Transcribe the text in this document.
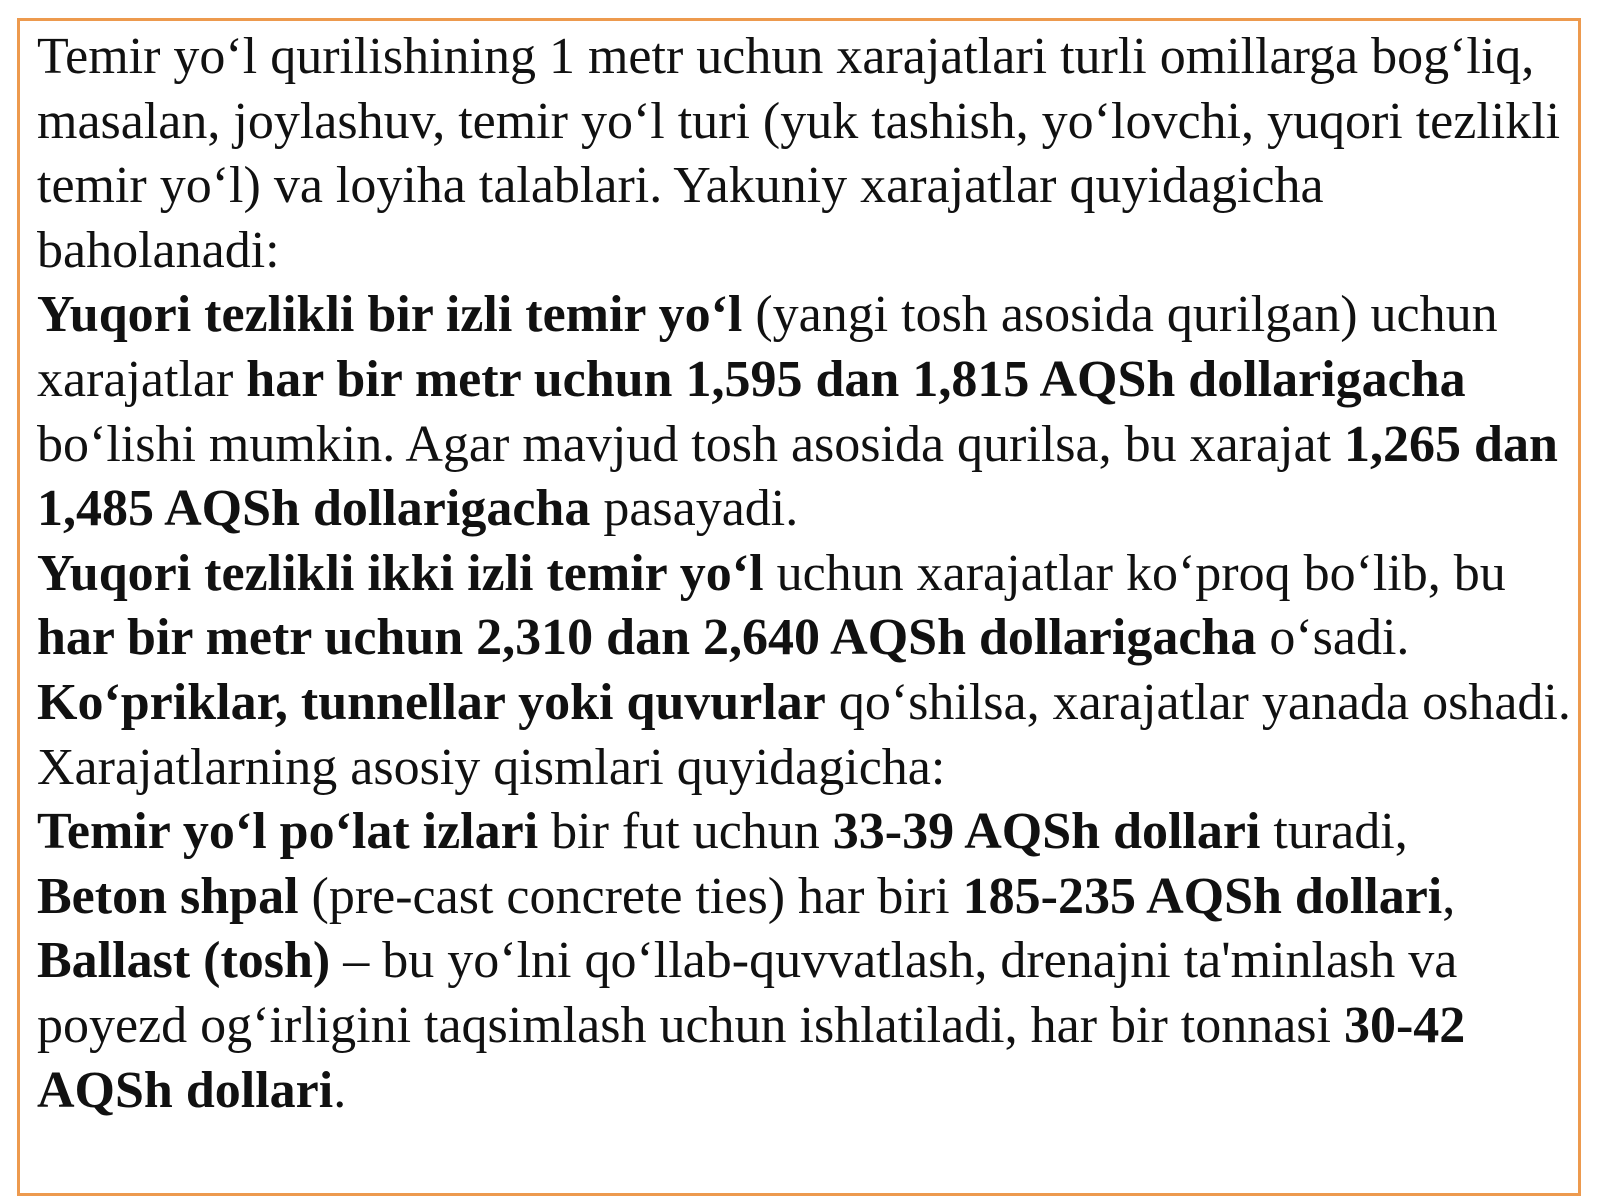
Temir yo‘l qurilishining 1 metr uchun xarajatlari turli omillarga bog‘liq, masalan, joylashuv, temir yo‘l turi (yuk tashish, yo‘lovchi, yuqori tezlikli temir yo‘l) va loyiha talablari. Yakuniy xarajatlar quyidagicha baholanadi:

Yuqori tezlikli bir izli temir yo‘l (yangi tosh asosida qurilgan) uchun xarajatlar har bir metr uchun 1,595 dan 1,815 AQSh dollarigacha bo‘lishi mumkin. Agar mavjud tosh asosida qurilsa, bu xarajat 1,265 dan 1,485 AQSh dollarigacha pasayadi.

Yuqori tezlikli ikki izli temir yo‘l uchun xarajatlar ko‘proq bo‘lib, bu har bir metr uchun 2,310 dan 2,640 AQSh dollarigacha o‘sadi.

Ko‘priklar, tunnellar yoki quvurlar qo‘shilsa, xarajatlar yanada oshadi.

Xarajatlarning asosiy qismlari quyidagicha:

Temir yo‘l po‘lat izlari bir fut uchun 33-39 AQSh dollari turadi,

Beton shpal (pre-cast concrete ties) har biri 185-235 AQSh dollari,

Ballast (tosh) – bu yo‘lni qo‘llab-quvvatlash, drenajni ta'minlash va poyezd og‘irligini taqsimlash uchun ishlatiladi, har bir tonnasi 30-42 AQSh dollari.
